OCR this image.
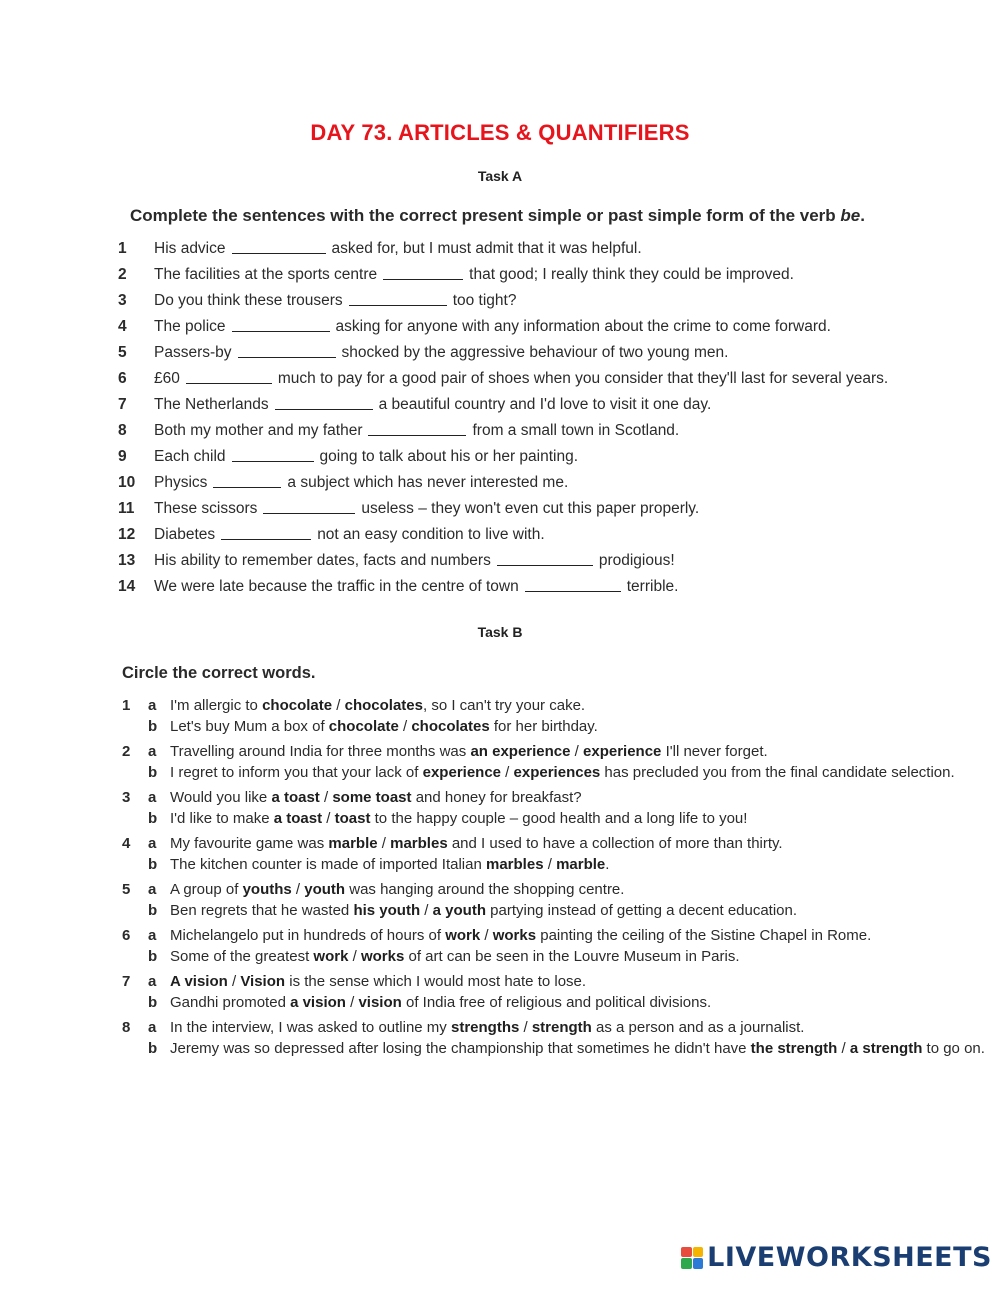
DAY 73. ARTICLES & QUANTIFIERS
Task A
Complete the sentences with the correct present simple or past simple form of the verb be.
1	His advice	asked for, but I must admit that it was helpful.
2	The facilities at the sports centre	that good; I really think they could be improved.
3	Do you think these trousers	too tight?
4	The police	asking for anyone with any information about the crime to come forward.
5	Passers-by	shocked by the aggressive behaviour of two young men.
6	£60	much to pay for a good pair of shoes when you consider that they'll last for several years.
7	The Netherlands	a beautiful country and I'd love to visit it one day.
8	Both my mother and my father	from a small town in Scotland.
9	Each child	going to talk about his or her painting.
10	Physics	a subject which has never interested me.
11	These scissors	useless – they won't even cut this paper properly.
12	Diabetes	not an easy condition to live with.
13	His ability to remember dates, facts and numbers	prodigious!
14	We were late because the traffic in the centre of town	terrible.
Task B
Circle the correct words.
1	a I'm allergic to chocolate / chocolates, so I can't try your cake.
b Let's buy Mum a box of chocolate / chocolates for her birthday.
2	a Travelling around India for three months was an experience / experience I'll never forget.
b I regret to inform you that your lack of experience / experiences has precluded you from the final candidate selection.
3	a Would you like a toast / some toast and honey for breakfast?
b I'd like to make a toast / toast to the happy couple – good health and a long life to you!
4	a My favourite game was marble / marbles and I used to have a collection of more than thirty.
b The kitchen counter is made of imported Italian marbles / marble.
5	a A group of youths / youth was hanging around the shopping centre.
b Ben regrets that he wasted his youth / a youth partying instead of getting a decent education.
6	a Michelangelo put in hundreds of hours of work / works painting the ceiling of the Sistine Chapel in Rome.
b Some of the greatest work / works of art can be seen in the Louvre Museum in Paris.
7	a A vision / Vision is the sense which I would most hate to lose.
b Gandhi promoted a vision / vision of India free of religious and political divisions.
8	a In the interview, I was asked to outline my strengths / strength as a person and as a journalist.
b Jeremy was so depressed after losing the championship that sometimes he didn't have the strength / a strength to go on.
LIVEWORKSHEETS
